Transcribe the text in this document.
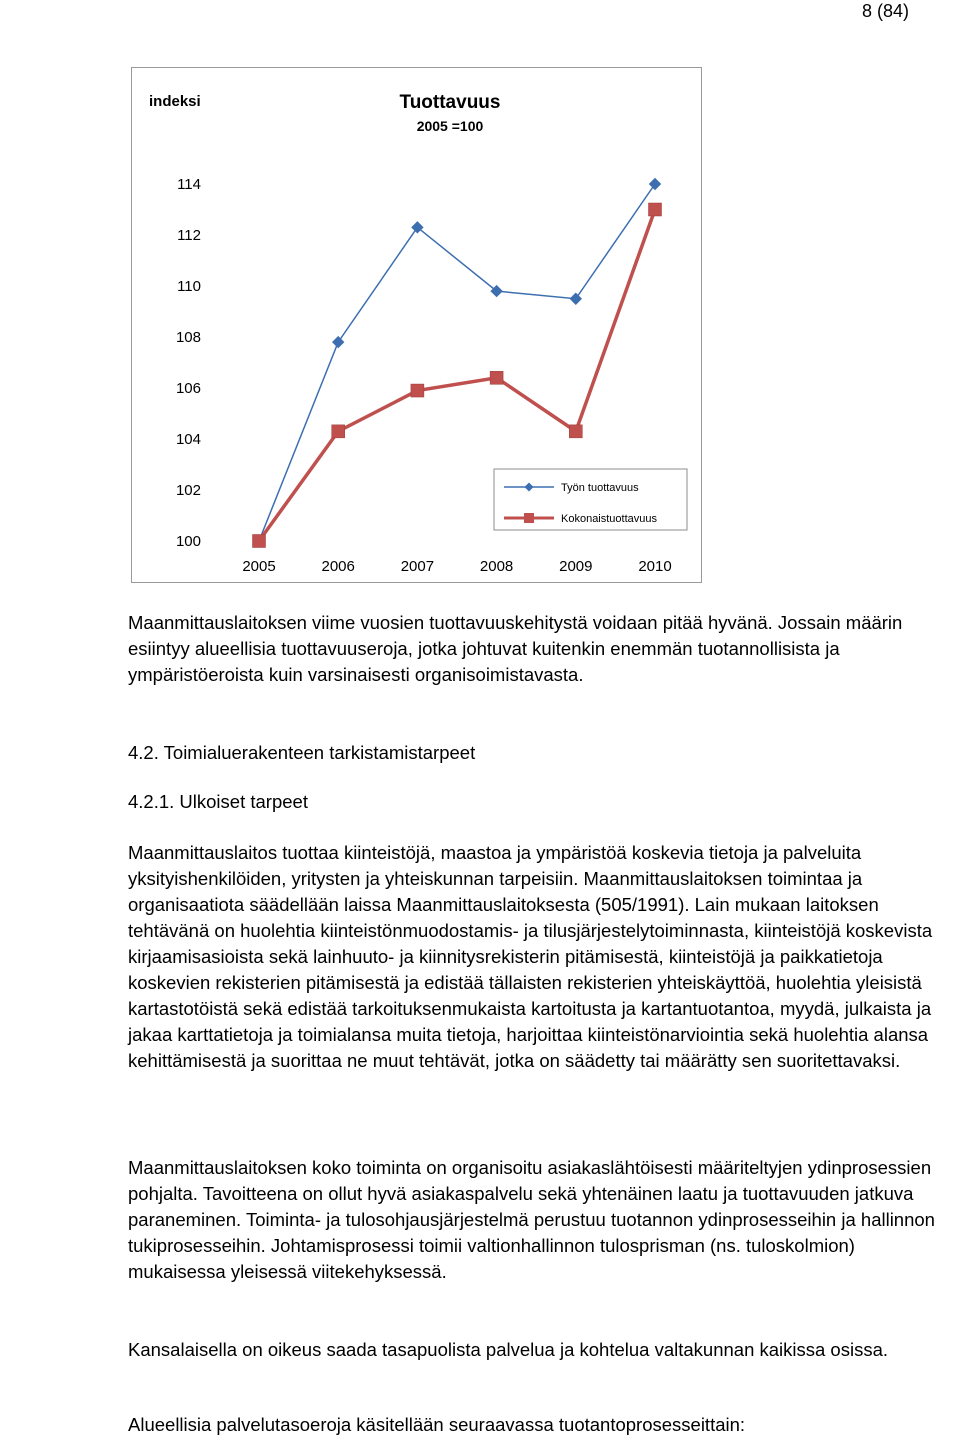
8 (84)
indeksi	Tuottavuus
2005 =100
100
102
104
106
108
110
112
114
2006	2007	2008	2009	2010
2005
Työn tuottavuus
Kokonaistuottavuus

Maanmittauslaitoksen viime vuosien tuottavuuskehitystä voidaan pitää hyvänä. Jossain määrin esiintyy alueellisia tuottavuuseroja, jotka johtuvat kuitenkin enemmän tuotannollisista ja ympäristöeroista kuin varsinaisesti organisoimistavasta.

4.2. Toimialuerakenteen tarkistamistarpeet
4.2.1. Ulkoiset tarpeet

Maanmittauslaitos tuottaa kiinteistöjä, maastoa ja ympäristöä koskevia tietoja ja palveluita yksityishenkilöiden, yritysten ja yhteiskunnan tarpeisiin. Maanmittauslaitoksen toimintaa ja organisaatiota säädellään laissa Maanmittauslaitoksesta (505/1991). Lain mukaan laitoksen tehtävänä on huolehtia kiinteistönmuodostamis- ja tilusjärjestelytoiminnasta, kiinteistöjä koskevista kirjaamisasioista sekä lainhuuto- ja kiinnitysrekisterin pitämisestä, kiinteistöjä ja paikkatietoja koskevien rekisterien pitämisestä ja edistää tällaisten rekisterien yhteiskäyttöä, huolehtia yleisistä kartastotöistä sekä edistää tarkoituksenmukaista kartoitusta ja kartantuotantoa, myydä, julkaista ja jakaa karttatietoja ja toimialansa muita tietoja, harjoittaa kiinteistönarviointia sekä huolehtia alansa kehittämisestä ja suorittaa ne muut tehtävät, jotka on säädetty tai määrätty sen suoritettavaksi.

Maanmittauslaitoksen koko toiminta on organisoitu asiakaslähtöisesti määriteltyjen ydinprosessien pohjalta. Tavoitteena on ollut hyvä asiakaspalvelu sekä yhtenäinen laatu ja tuottavuuden jatkuva paraneminen. Toiminta- ja tulosohjausjärjestelmä perustuu tuotannon ydinprosesseihin ja hallinnon tukiprosesseihin. Johtamisprosessi toimii valtionhallinnon tulosprisman (ns. tuloskolmion) mukaisessa yleisessä viitekehyksessä.

Kansalaisella on oikeus saada tasapuolista palvelua ja kohtelua valtakunnan kaikissa osissa.

Alueellisia palvelutasoeroja käsitellään seuraavassa tuotantoprosesseittain:
